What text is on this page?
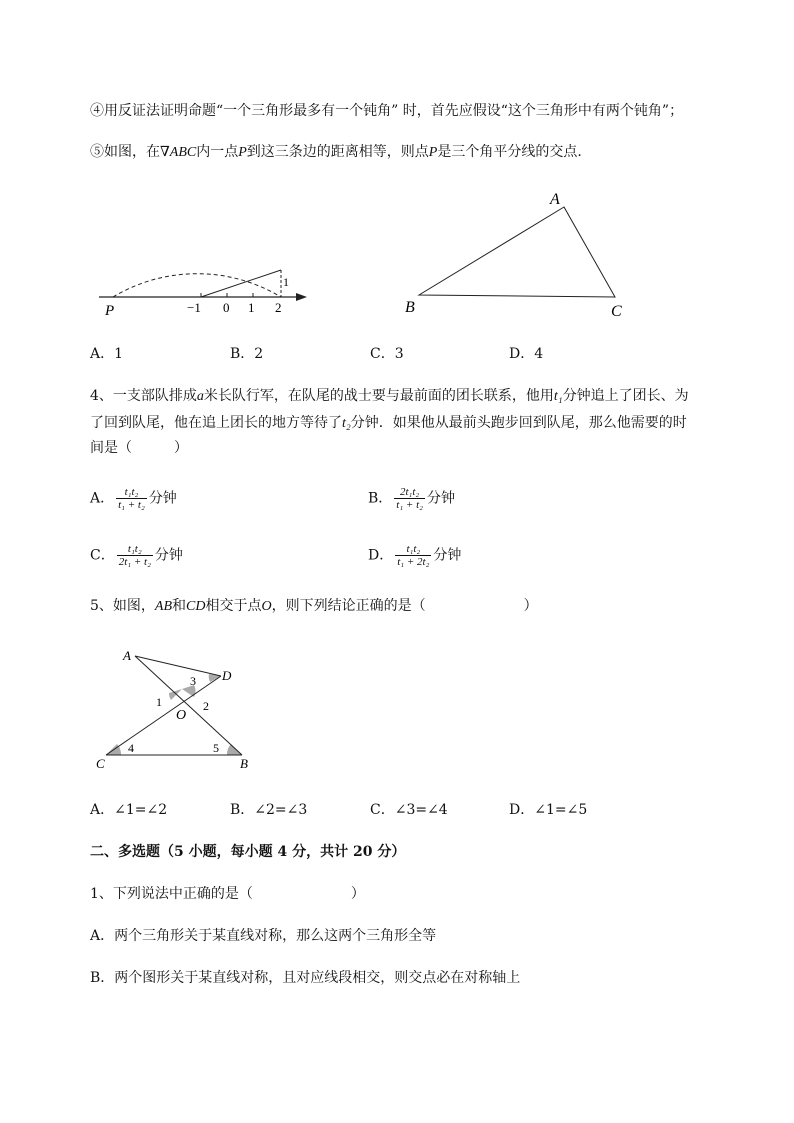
④用反证法证明命题“一个三角形最多有一个钝角” 时，首先应假设“这个三角形中有两个钝角”；
⑤如图，在∇ABC内一点P到这三条边的距离相等，则点P是三个角平分线的交点.
P	−1 0 1 2
1
A
B	C
A．1	B．2	C．3	D．4
4、一支部队排成a米长队行军，在队尾的战士要与最前面的团长联系，他用t₁分钟追上了团长、为
了回到队尾，他在追上团长的地方等待了t₂分钟．如果他从最前头跑步回到队尾，那么他需要的时
间是（　　　）
A． $\frac{\text{t₁t₂}}{\text{t₁ + t₂}}$ 分钟	B． $\frac{\text{2t₁t₂}}{\text{t₁ + t₂}}$ 分钟
C． $\frac{\text{t₁t₂}}{\text{2t₁ + t₂}}$ 分钟	D． $\frac{\text{t₁t₂}}{\text{t₁ + 2t₂}}$ 分钟
5、如图，AB和CD相交于点O，则下列结论正确的是（　　　　　　　）
A
D
O
C	B
1	2
3
4	5
A．∠1=∠2	B．∠2=∠3	C．∠3=∠4	D．∠1=∠5
二、多选题（5 小题，每小题 4 分，共计 20 分）
1、下列说法中正确的是（　　　　　　　）
A．两个三角形关于某直线对称，那么这两个三角形全等
B．两个图形关于某直线对称，且对应线段相交，则交点必在对称轴上
